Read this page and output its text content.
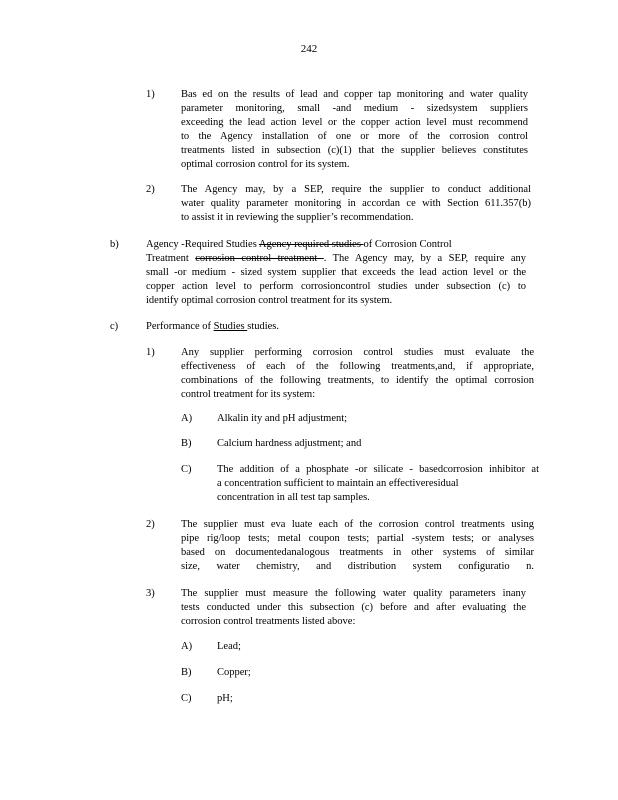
242
1)	Bas ed on the results of lead and copper tap monitoring and water quality
parameter monitoring, small -and medium - sizedsystem suppliers
exceeding the lead action level or the copper action level must recommend
to the Agency installation of one or more of the corrosion control
treatments listed in subsection (c)(1) that the supplier believes constitutes
optimal corrosion control for its system.
2)	The Agency may, by a SEP, require the supplier to conduct additional
water quality parameter monitoring in accordan ce with Section 611.357(b)
to assist it in reviewing the supplier’s recommendation.
b)	Agency -Required Studies Agency required studies of Corrosion Control
Treatment corrosion control treatment . The Agency may, by a SEP, require any
small -or medium - sized system supplier that exceeds the lead action level or the
copper action level to perform corrosioncontrol studies under subsection (c) to
identify optimal corrosion control treatment for its system.
c)	Performance of Studies studies.
1)	Any supplier performing corrosion control studies must evaluate the
effectiveness of each of the following treatments,and, if appropriate,
combinations of the following treatments, to identify the optimal corrosion
control treatment for its system:
A) Alkalin ity and pH adjustment;
B) Calcium hardness adjustment; and
C) The addition of a phosphate -or silicate - basedcorrosion inhibitor at
a concentration sufficient to maintain an effectiveresidual
concentration in all test tap samples.
2)	The supplier must eva luate each of the corrosion control treatments using
pipe rig/loop tests; metal coupon tests; partial -system tests; or analyses
based on documentedanalogous treatments in other systems of similar
size, water chemistry, and distribution system configuratio n.
3)	The supplier must measure the following water quality parameters inany
tests conducted under this subsection (c) before and after evaluating the
corrosion control treatments listed above:
A) Lead;
B) Copper;
C) pH;
